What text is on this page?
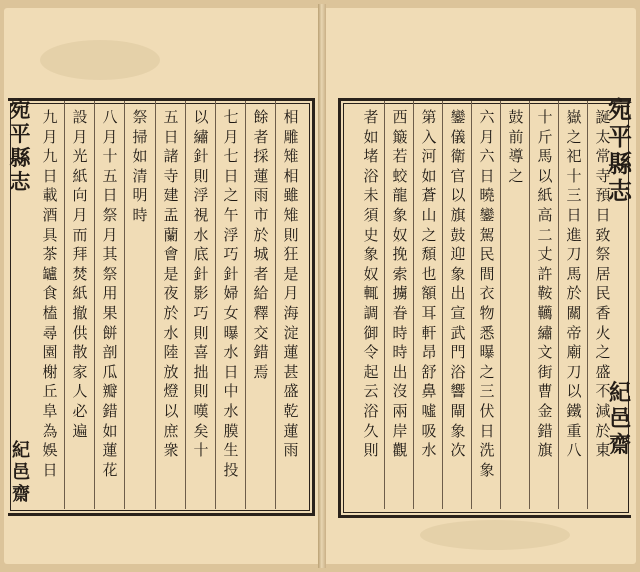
宛
平
縣
志
紀
邑
齋
宛
平
縣
志
紀
邑
齋
相
雕
雉
相
雖
雉
則
狂
是
月
海
淀
蓮
甚
盛
乾
蓮
雨
餘
者
採
蓮
雨
市
於
城
者
給
釋
交
錯
焉
七
月
七
日
之
午
浮
巧
針
婦
女
曝
水
日
中
水
膜
生
投
以
繡
針
則
浮
視
水
底
針
影
巧
則
喜
拙
則
嘆
矣
十
五
日
諸
寺
建
盂
蘭
會
是
夜
於
水
陸
放
燈
以
庶
衆
祭
掃
如
清
明
時
八
月
十
五
日
祭
月
其
祭
用
果
餅
剖
瓜
瓣
錯
如
蓮
花
設
月
光
紙
向
月
而
拜
焚
紙
撤
供
散
家
人
必
遍
九
月
九
日
載
酒
具
茶
罏
食
榼
尋
園
榭
丘
阜
為
娛
日
誕
太
常
寺
預
日
致
祭
居
民
香
火
之
盛
不
減
於
東
嶽
之
祀
十
三
日
進
刀
馬
於
關
帝
廟
刀
以
鐵
重
八
十
斤
馬
以
紙
高
二
丈
許
鞍
韉
繡
文
街
曹
金
錯
旗
鼓
前
導
之
六
月
六
日
曉
鑾
駕
民
間
衣
物
悉
曝
之
三
伏
日
洗
象
鑾
儀
衛
官
以
旗
鼓
迎
象
出
宣
武
門
浴
響
閘
象
次
第
入
河
如
蒼
山
之
頹
也
額
耳
軒
昂
舒
鼻
噓
吸
水
西
簸
若
蛟
龍
象
奴
挽
索
擄
眷
時
時
出
沒
兩
岸
觀
者
如
堵
浴
未
須
史
象
奴
輒
調
御
令
起
云
浴
久
則
